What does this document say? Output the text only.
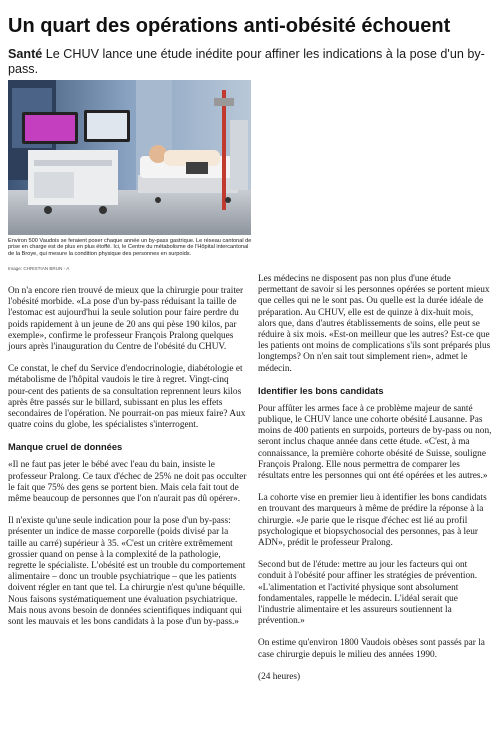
Un quart des opérations anti-obésité échouent
Santé Le CHUV lance une étude inédite pour affiner les indications à la pose d'un by-pass.
Environ 500 Vaudois se feraient poser chaque année un by-pass gastrique. Le réseau cantonal de prise en charge est de plus en plus étoffé. Ici, le Centre du métabolisme de l'Hôpital intercantonal de la Broye, qui mesure la condition physique des personnes en surpoids.
Image: CHRISTIAN BRUN - A

On n'a encore rien trouvé de mieux que la chirurgie pour traiter l'obésité morbide. «La pose d'un by-pass réduisant la taille de l'estomac est aujourd'hui la seule solution pour faire perdre du poids rapidement à un jeune de 20 ans qui pèse 190 kilos, par exemple», confirme le professeur François Pralong quelques jours après l'inauguration du Centre de l'obésité du CHUV.

Ce constat, le chef du Service d'endocrinologie, diabétologie et métabolisme de l'hôpital vaudois le tire à regret. Vingt-cinq pour-cent des patients de sa consultation reprennent leurs kilos après être passés sur le billard, subissant en plus les effets secondaires de l'opération. Ne pourrait-on pas mieux faire? Aux quatre coins du globe, les spécialistes s'interrogent.

Manque cruel de données

«Il ne faut pas jeter le bébé avec l'eau du bain, insiste le professeur Pralong. Ce taux d'échec de 25% ne doit pas occulter le fait que 75% des gens se portent bien. Mais cela fait tout de même beaucoup de personnes que l'on n'aurait pas dû opérer».

Il n'existe qu'une seule indication pour la pose d'un by-pass: présenter un indice de masse corporelle (poids divisé par la taille au carré) supérieur à 35. «C'est un critère extrêmement grossier quand on pense à la complexité de la pathologie, regrette le spécialiste. L'obésité est un trouble du comportement alimentaire – donc un trouble psychiatrique – que les patients doivent régler en tant que tel. La chirurgie n'est qu'une béquille. Nous faisons systématiquement une évaluation psychiatrique. Mais nous avons besoin de données scientifiques indiquant qui sont les mauvais et les bons candidats à la pose d'un by-pass.»

Les médecins ne disposent pas non plus d'une étude permettant de savoir si les personnes opérées se portent mieux que celles qui ne le sont pas. Ou quelle est la durée idéale de préparation. Au CHUV, elle est de quinze à dix-huit mois, alors que, dans d'autres établissements de soins, elle peut se réduire à six mois. «Est-on meilleur que les autres? Est-ce que les patients ont moins de complications s'ils sont préparés plus longtemps? On n'en sait tout simplement rien», admet le médecin.

Identifier les bons candidats

Pour affûter les armes face à ce problème majeur de santé publique, le CHUV lance une cohorte obésité Lausanne. Pas moins de 400 patients en surpoids, porteurs de by-pass ou non, seront inclus chaque année dans cette étude. «C'est, à ma connaissance, la première cohorte obésité de Suisse, souligne François Pralong. Elle nous permettra de comparer les résultats entre les personnes qui ont été opérées et les autres.»

La cohorte vise en premier lieu à identifier les bons candidats en trouvant des marqueurs à même de prédire la réponse à la chirurgie. «Je parie que le risque d'échec est lié au profil psychologique et biopsychosocial des personnes, pas à leur ADN», prédit le professeur Pralong.

Second but de l'étude: mettre au jour les facteurs qui ont conduit à l'obésité pour affiner les stratégies de prévention. «L'alimentation et l'activité physique sont absolument fondamentales, rappelle le médecin. L'idéal serait que l'industrie alimentaire et les assureurs soutiennent la prévention.»

On estime qu'environ 1800 Vaudois obèses sont passés par la case chirurgie depuis le milieu des années 1990.

(24 heures)
